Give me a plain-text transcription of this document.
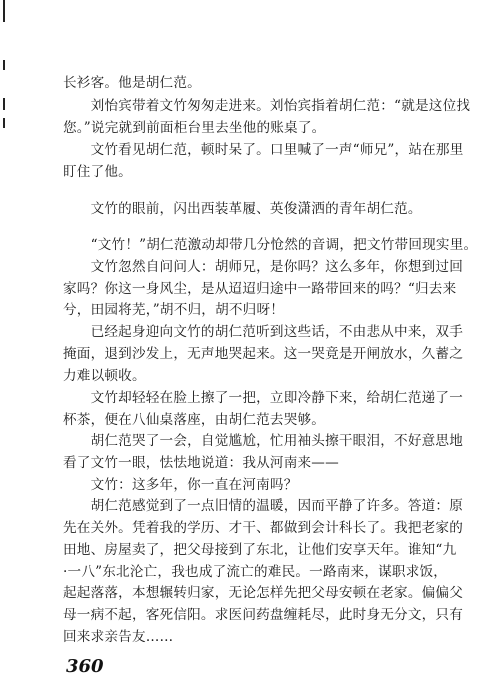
长衫客。他是胡仁范。
　　刘怡宾带着文竹匆匆走进来。刘怡宾指着胡仁范：“就是这位找
您。”说完就到前面柜台里去坐他的账桌了。
　　文竹看见胡仁范，顿时呆了。口里喊了一声“师兄”，站在那里
盯住了他。
　　文竹的眼前，闪出西装革履、英俊潇洒的青年胡仁范。
　　“文竹！”胡仁范激动却带几分怆然的音调，把文竹带回现实里。
　　文竹忽然自问问人：胡师兄，是你吗？这么多年，你想到过回
家吗？你这一身风尘，是从迢迢归途中一路带回来的吗？“归去来
兮，田园将芜，”胡不归，胡不归呀！
　　已经起身迎向文竹的胡仁范听到这些话，不由悲从中来，双手
掩面，退到沙发上，无声地哭起来。这一哭竟是开闸放水，久蓄之
力难以顿收。
　　文竹却轻轻在脸上擦了一把，立即冷静下来，给胡仁范递了一
杯茶，便在八仙桌落座，由胡仁范去哭够。
　　胡仁范哭了一会，自觉尴尬，忙用袖头擦干眼泪，不好意思地
看了文竹一眼，怯怯地说道：我从河南来——
　　文竹：这多年，你一直在河南吗？
　　胡仁范感觉到了一点旧情的温暖，因而平静了许多。答道：原
先在关外。凭着我的学历、才干、都做到会计科长了。我把老家的
田地、房屋卖了，把父母接到了东北，让他们安享天年。谁知“九
·一八”东北沦亡，我也成了流亡的难民。一路南来，谋职求饭，
起起落落，本想辗转归家，无论怎样先把父母安顿在老家。偏偏父
母一病不起，客死信阳。求医问药盘缠耗尽，此时身无分文，只有
回来求亲告友……
360
